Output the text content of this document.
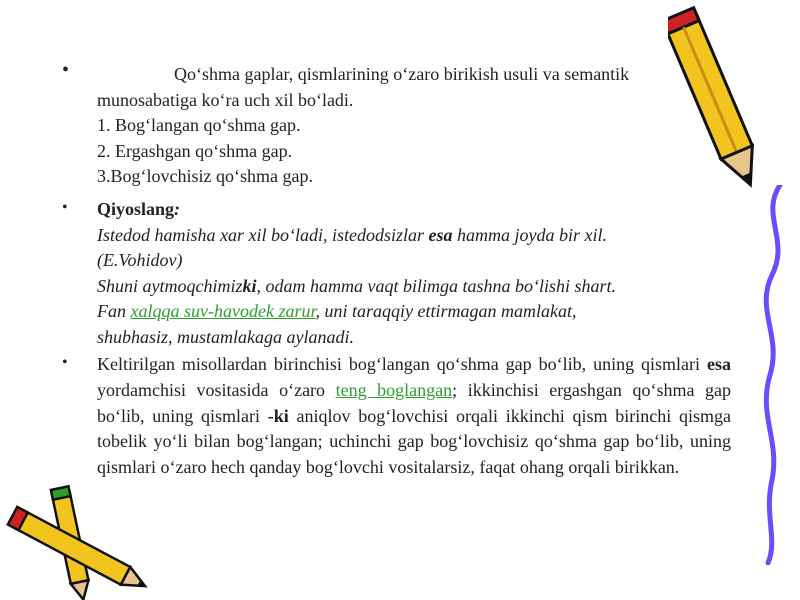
•
•
•
Qo‘shma gaplar, qismlarining o‘zaro birikish usuli va semantik
munosabatiga ko‘ra uch xil bo‘ladi.
1. Bog‘langan qo‘shma gap.
2. Ergashgan qo‘shma gap.
3.Bog‘lovchisiz qo‘shma gap.
Qiyoslang:
Istedod hamisha xar xil bo‘ladi, istedodsizlar esa hamma joyda bir xil.
(E.Vohidov)
Shuni aytmoqchimizki, odam hamma vaqt bilimga tashna bo‘lishi shart.
Fan xalqqa suv-havodek zarur, uni taraqqiy ettirmagan mamlakat,
shubhasiz, mustamlakaga aylanadi.
Keltirilgan misollardan birinchisi bog‘langan qo‘shma gap bo‘lib, uning qismlari esa yordamchisi vositasida o‘zaro teng boglangan; ikkinchisi ergashgan qo‘shma gap bo‘lib, uning qismlari -ki aniqlov bog‘lovchisi orqali ikkinchi qism birinchi qismga tobelik yo‘li bilan bog‘langan; uchinchi gap bog‘lovchisiz qo‘shma gap bo‘lib, uning qismlari o‘zaro hech qanday bog‘lovchi vositalarsiz, faqat ohang orqali birikkan.
